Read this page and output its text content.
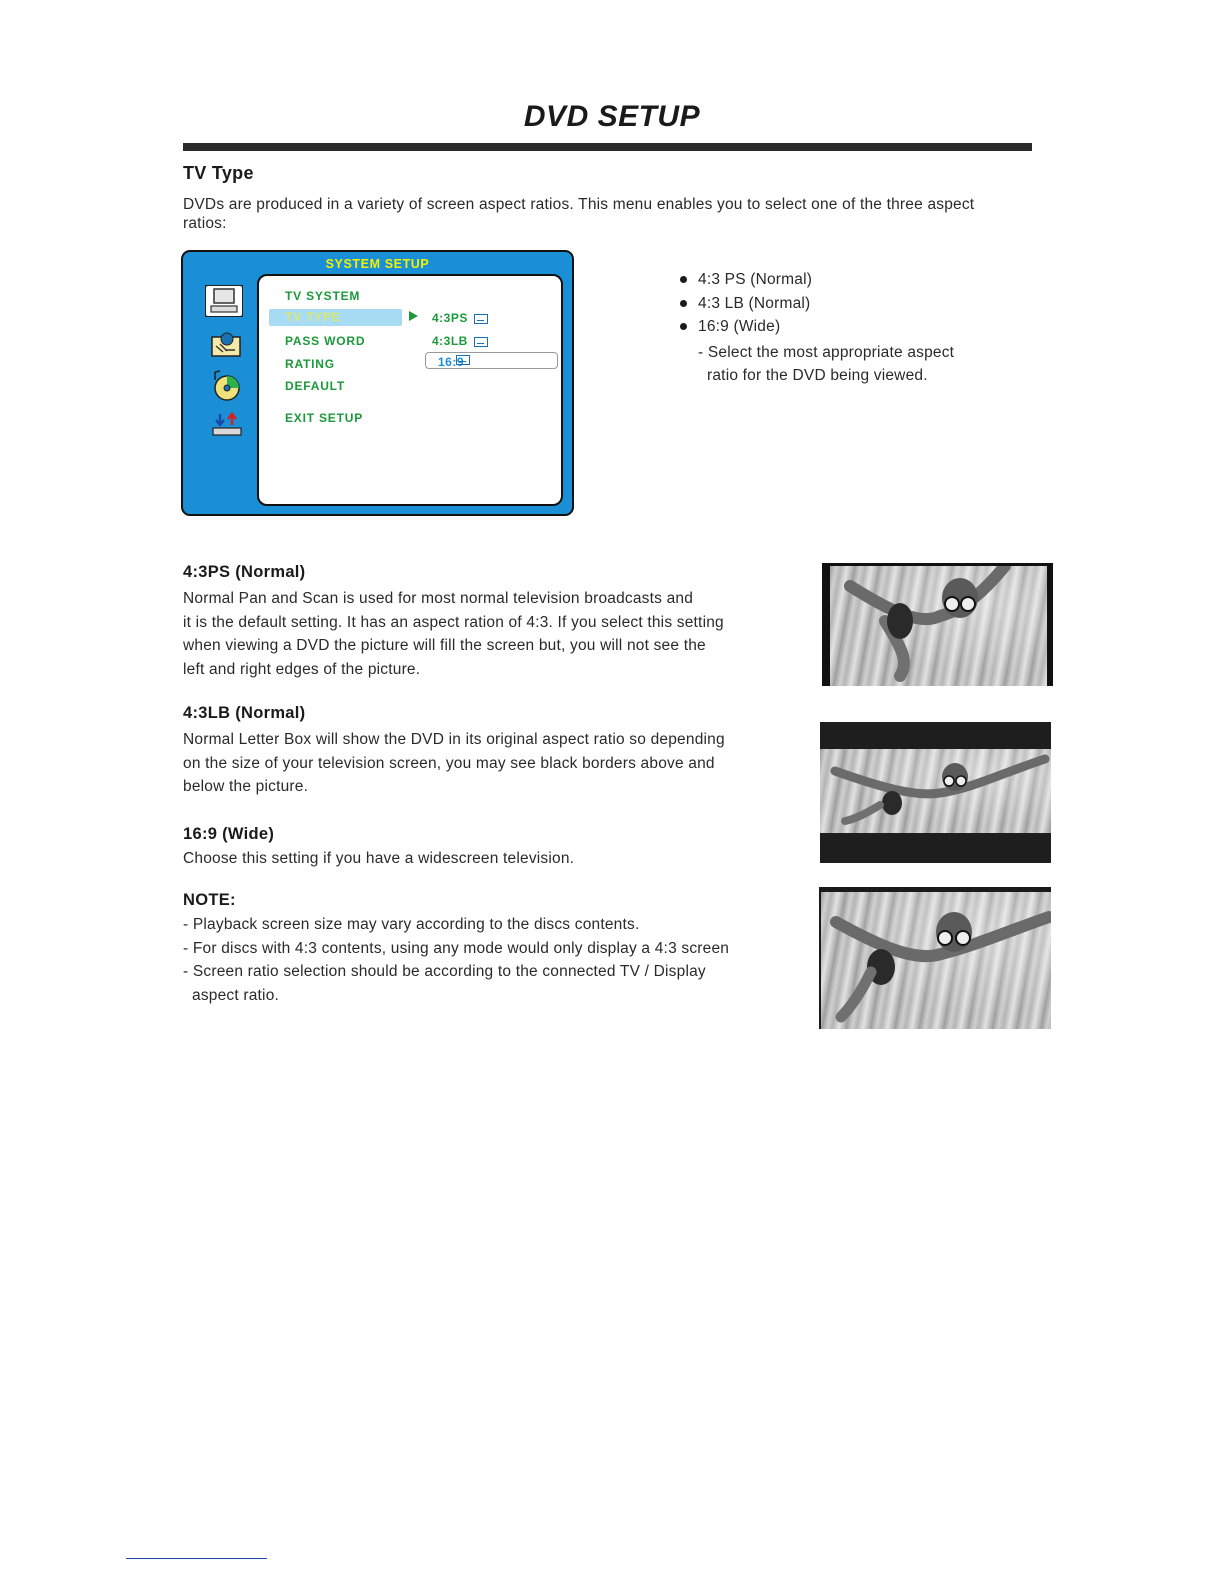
DVD SETUP
TV Type
DVDs are produced in a variety of screen aspect ratios. This menu enables you to select one of the three aspect
ratios:
SYSTEM SETUP
TV SYSTEM
TV TYPE
PASS WORD
RATING
DEFAULT
EXIT SETUP
4:3PS
4:3LB
16:9
4:3 PS (Normal)
4:3 LB (Normal)
16:9 (Wide)
- Select the most appropriate aspect
ratio for the DVD being viewed.
4:3PS (Normal)
Normal Pan and Scan is used for most normal television broadcasts and
it is the default setting. It has an aspect ration of 4:3. If you select this setting
when viewing a DVD the picture will fill the screen but, you will not see the
left and right edges of the picture.
4:3LB (Normal)
Normal Letter Box will show the DVD in its original aspect ratio so depending
on the size of your television screen, you may see black borders above and
below the picture.
16:9 (Wide)
Choose this setting if you have a widescreen television.
NOTE:
- Playback screen size may vary according to the discs contents.
- For discs with 4:3 contents, using any mode would only display a 4:3 screen
- Screen ratio selection should be according to the connected TV / Display
aspect ratio.
